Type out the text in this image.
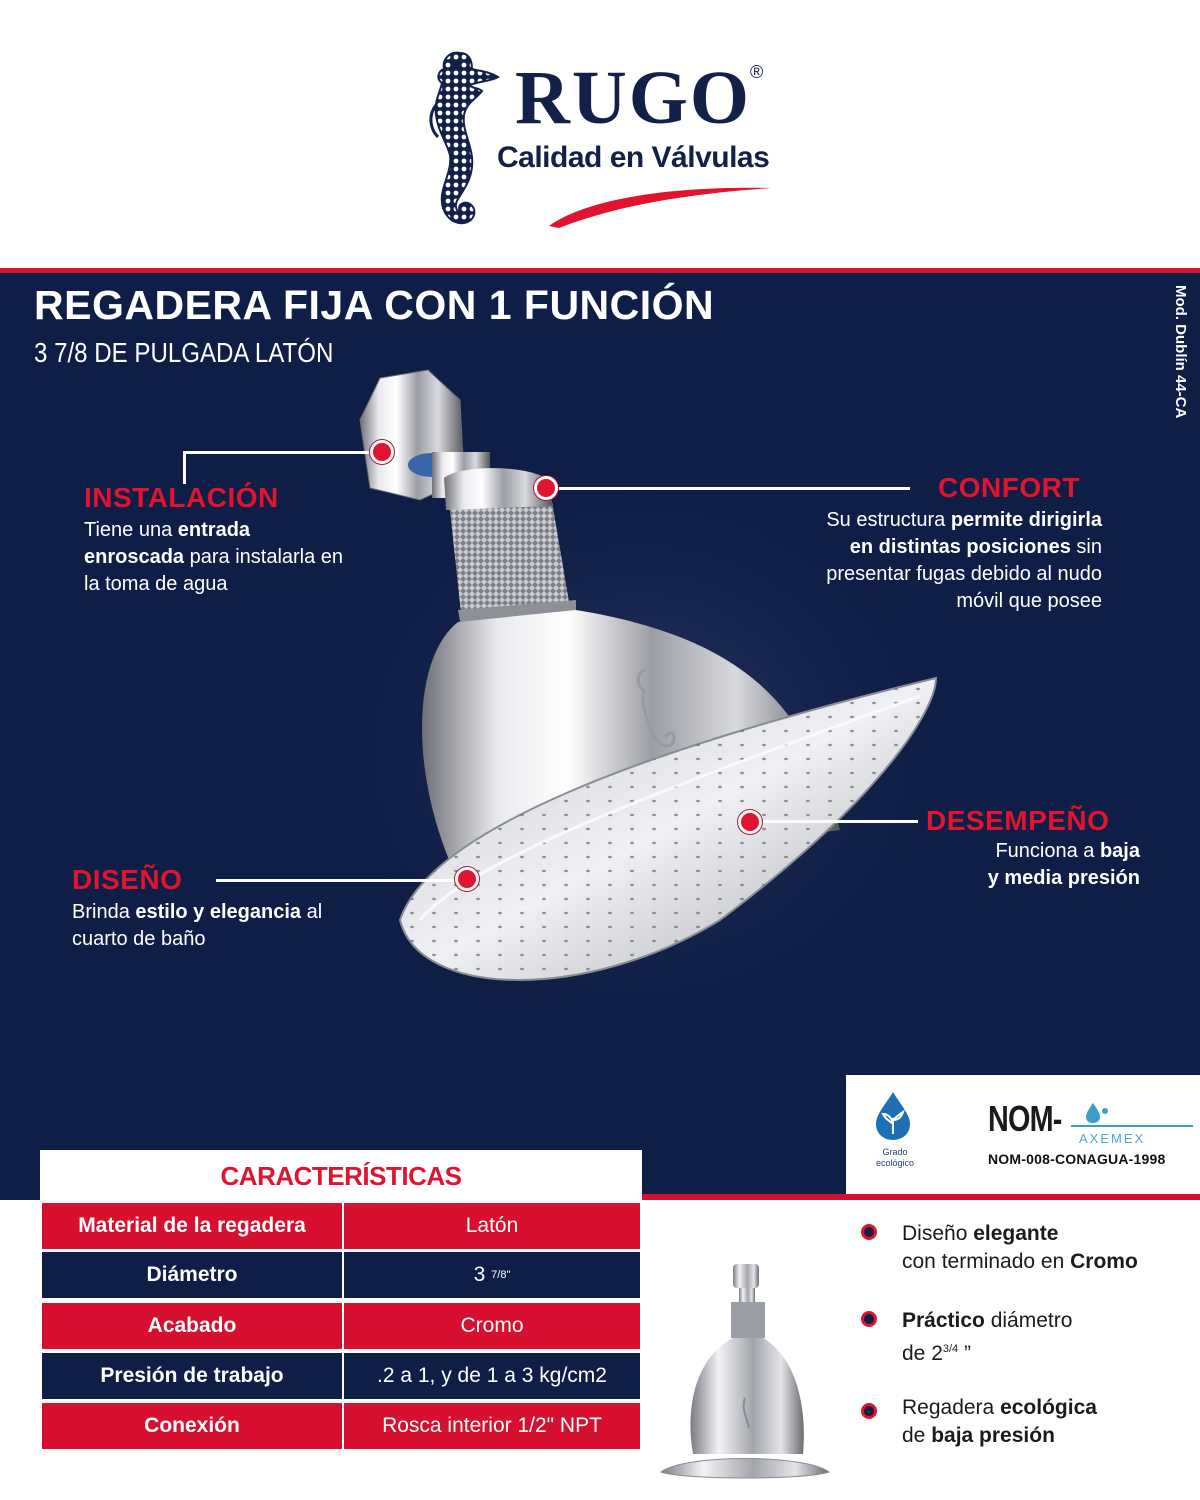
RUGO ®
Calidad en Válvulas
REGADERA FIJA CON 1 FUNCIÓN
3 7/8 DE PULGADA LATÓN	Mod. Dublín 44-CA
INSTALACIÓN
Tiene una entrada enroscada para instalarla en la toma de agua
CONFORT
Su estructura permite dirigirla en distintas posiciones sin presentar fugas debido al nudo móvil que posee
DESEMPEÑO
Funciona a baja
y media presión
DISEÑO
Brinda estilo y elegancia al cuarto de baño
Grado
ecológico
NOM- AXEMEX
NOM-008-CONAGUA-1998
CARACTERÍSTICAS
Material de la regadera	Latón
Diámetro	3
7/8"
Acabado	Cromo
Presión de trabajo	.2 a 1, y de 1 a 3 kg/cm2
Conexión	Rosca interior 1/2" NPT
Diseño elegante
con terminado en Cromo
Práctico diámetro
de $2^{3/4}$ ”
Regadera ecológica
de baja presión
